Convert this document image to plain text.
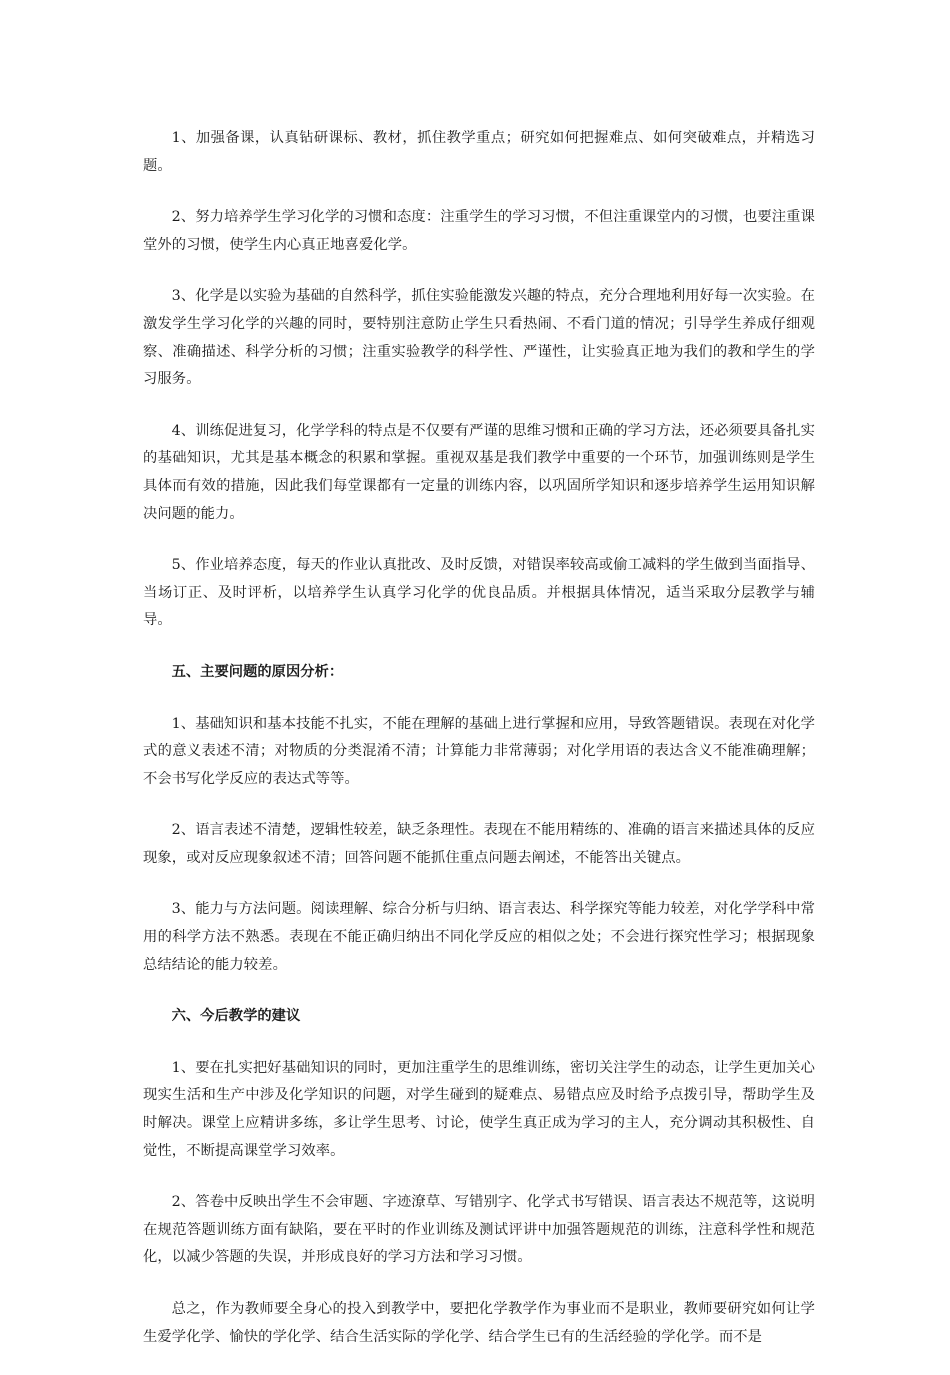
1、加强备课，认真钻研课标、教材，抓住教学重点；研究如何把握难点、如何突破难点，并精选习题。

2、努力培养学生学习化学的习惯和态度：注重学生的学习习惯，不但注重课堂内的习惯，也要注重课堂外的习惯，使学生内心真正地喜爱化学。

3、化学是以实验为基础的自然科学，抓住实验能激发兴趣的特点，充分合理地利用好每一次实验。在激发学生学习化学的兴趣的同时，要特别注意防止学生只看热闹、不看门道的情况；引导学生养成仔细观察、准确描述、科学分析的习惯；注重实验教学的科学性、严谨性，让实验真正地为我们的教和学生的学习服务。

4、训练促进复习，化学学科的特点是不仅要有严谨的思维习惯和正确的学习方法，还必须要具备扎实的基础知识，尤其是基本概念的积累和掌握。重视双基是我们教学中重要的一个环节，加强训练则是学生具体而有效的措施，因此我们每堂课都有一定量的训练内容，以巩固所学知识和逐步培养学生运用知识解决问题的能力。

5、作业培养态度，每天的作业认真批改、及时反馈，对错误率较高或偷工减料的学生做到当面指导、当场订正、及时评析，以培养学生认真学习化学的优良品质。并根据具体情况，适当采取分层教学与辅导。

五、主要问题的原因分析：

1、基础知识和基本技能不扎实，不能在理解的基础上进行掌握和应用，导致答题错误。表现在对化学式的意义表述不清；对物质的分类混淆不清；计算能力非常薄弱；对化学用语的表达含义不能准确理解；不会书写化学反应的表达式等等。

2、语言表述不清楚，逻辑性较差，缺乏条理性。表现在不能用精练的、准确的语言来描述具体的反应现象，或对反应现象叙述不清；回答问题不能抓住重点问题去阐述，不能答出关键点。

3、能力与方法问题。阅读理解、综合分析与归纳、语言表达、科学探究等能力较差，对化学学科中常用的科学方法不熟悉。表现在不能正确归纳出不同化学反应的相似之处；不会进行探究性学习；根据现象总结结论的能力较差。

六、今后教学的建议

1、要在扎实把好基础知识的同时，更加注重学生的思维训练，密切关注学生的动态，让学生更加关心现实生活和生产中涉及化学知识的问题，对学生碰到的疑难点、易错点应及时给予点拨引导，帮助学生及时解决。课堂上应精讲多练，多让学生思考、讨论，使学生真正成为学习的主人，充分调动其积极性、自觉性，不断提高课堂学习效率。

2、答卷中反映出学生不会审题、字迹潦草、写错别字、化学式书写错误、语言表达不规范等，这说明在规范答题训练方面有缺陷，要在平时的作业训练及测试评讲中加强答题规范的训练，注意科学性和规范化，以减少答题的失误，并形成良好的学习方法和学习习惯。

总之，作为教师要全身心的投入到教学中，要把化学教学作为事业而不是职业，教师要研究如何让学生爱学化学、愉快的学化学、结合生活实际的学化学、结合学生已有的生活经验的学化学。而不是
